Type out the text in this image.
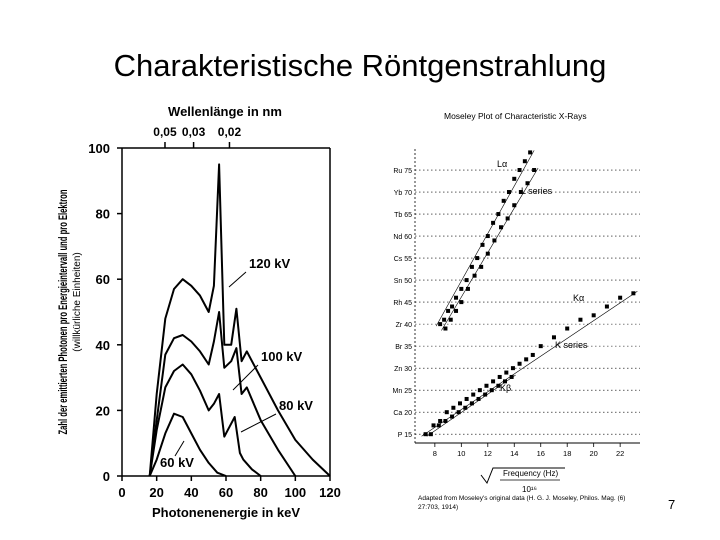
Charakteristische Röntgenstrahlung
Wellenlänge in nm
Photonenenergie in keV
Zahl der emittierten Photonen pro Energieintervall und pro Elektron (willkürliche Einheiten)
0 20 40 60 80 100 120
0
20
40
60
80
100
0,05 0,03 0,02
120 kV
100 kV
80 kV
60 kV
Moseley Plot of Characteristic X-Rays
Frequency (Hz)
10¹⁶
Adapted from Moseley's original data (H. G. J. Moseley, Philos. Mag. (6) 27:703, 1914)
P 15
Ca 20
Mn 25
Zn 30
Br 35
Zr 40
Rh 45
Sn 50
Cs 55
Nd 60
Tb 65
Yb 70
Ru 75
8	10 12 14 16 18 20 22
Lα
L series
Kα
K series
Kβ
7
